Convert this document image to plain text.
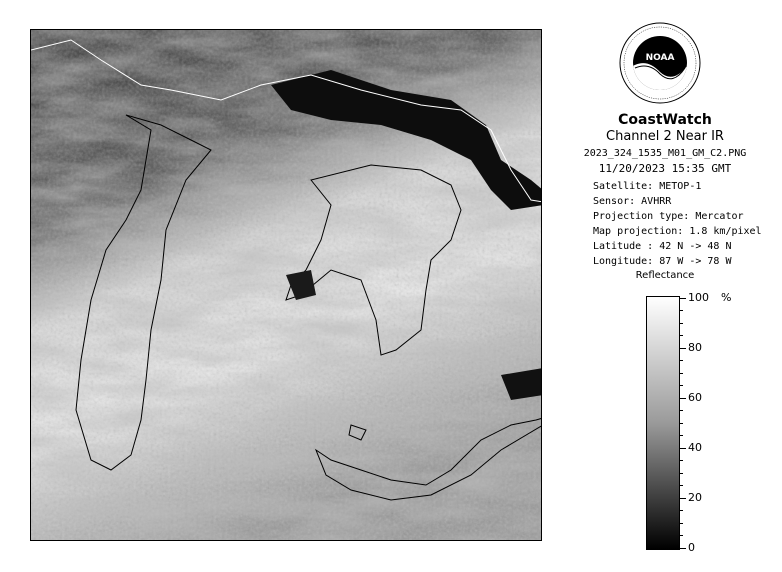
NOAA
CoastWatch
Channel 2 Near IR
2023_324_1535_M01_GM_C2.PNG
11/20/2023 15:35 GMT
Satellite: METOP-1
Sensor: AVHRR
Projection type: Mercator
Map projection: 1.8 km/pixel
Latitude : 42 N -> 48 N
Longitude: 87 W -> 78 W
Reflectance
%
100
80
60
40
20
0
